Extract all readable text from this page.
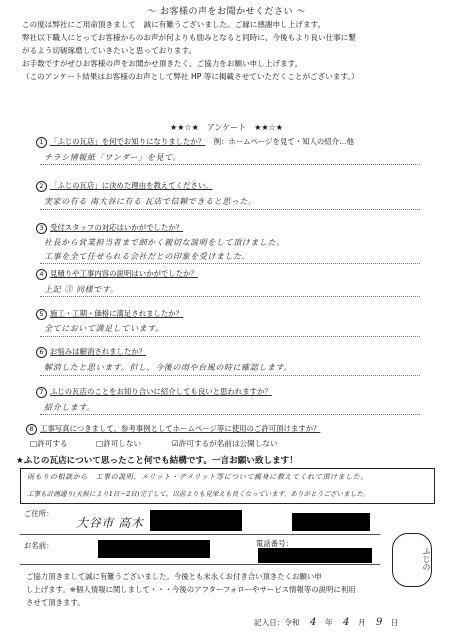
～ お客様の声をお聞かせください ～
この度は弊社にご用命頂きまして　誠に有難うございました。ご縁に感謝申し上げます。
弊社以下職人にとってお客様からのお声が何よりも励みとなると同時に、今後もより良い仕事に繋
がるよう切磋琢磨していきたいと思っております。
お手数ですがぜひお客様の声をお聞かせ頂きたく、ご協力をお願い申し上げます。
（このアンケート結果はお客様のお声として弊社 HP 等に掲載させていただくことがございます。）
★★☆★　アンケート　★★☆★
1 「ふじの瓦店」を何でお知りになりましたか？ 例：ホームページを見て・知人の紹介…他
チラシ情報紙「ワンダー」を見て。
2 「ふじの瓦店」に決めた理由を教えてください。
実家の有る 南大谷に有る 瓦店で信頼できると思った。
3 受付スタッフの対応はいかがでしたか？
社長から営業担当者まで細かく親切な説明をして頂けました。
工事を全て任せられる会社だとの印象を受けました。
4 見積りや工事内容の説明はいかがでしたか？
上記 ③ 同様です。
5 施工・工期・価格に満足されましたか？
全てにおいて満足しています。
6 お悩みは解消されましたか？
解消したと思います。但し、今後の雨や台風の時に確認します。
7 ふじの瓦店のことをお知り合いに紹介しても良いと思われますか？
紹介します。
8 工事写真につきまして、参考事例としてホームページ等に使用のご許可頂けますか？
□許可する	□許可しない	☑許可するが名前は公開しない
★ふじの瓦店について思ったこと何でも結構です。一言お願い致します！
雨もりの相談から　工事の説明、メリット・デメリット等について親身に教えてくれて頂けました。
工事も計画通り(天候により1日～2日)完了して、以前よりも見栄えも良くなっています。ありがとうございました。
ご住所：
大谷市 高木
お名前：	電話番号：
ふじの
ご協力頂きまして誠に有難うございました。今後とも末永くお付き合い頂きたくお願い申
し上げます。※個人情報に関しまして・・・今後のアフターフォローやサービス情報等の説明に利用
させて頂きます。
記入日：令和 4 年 4 月 9 日
